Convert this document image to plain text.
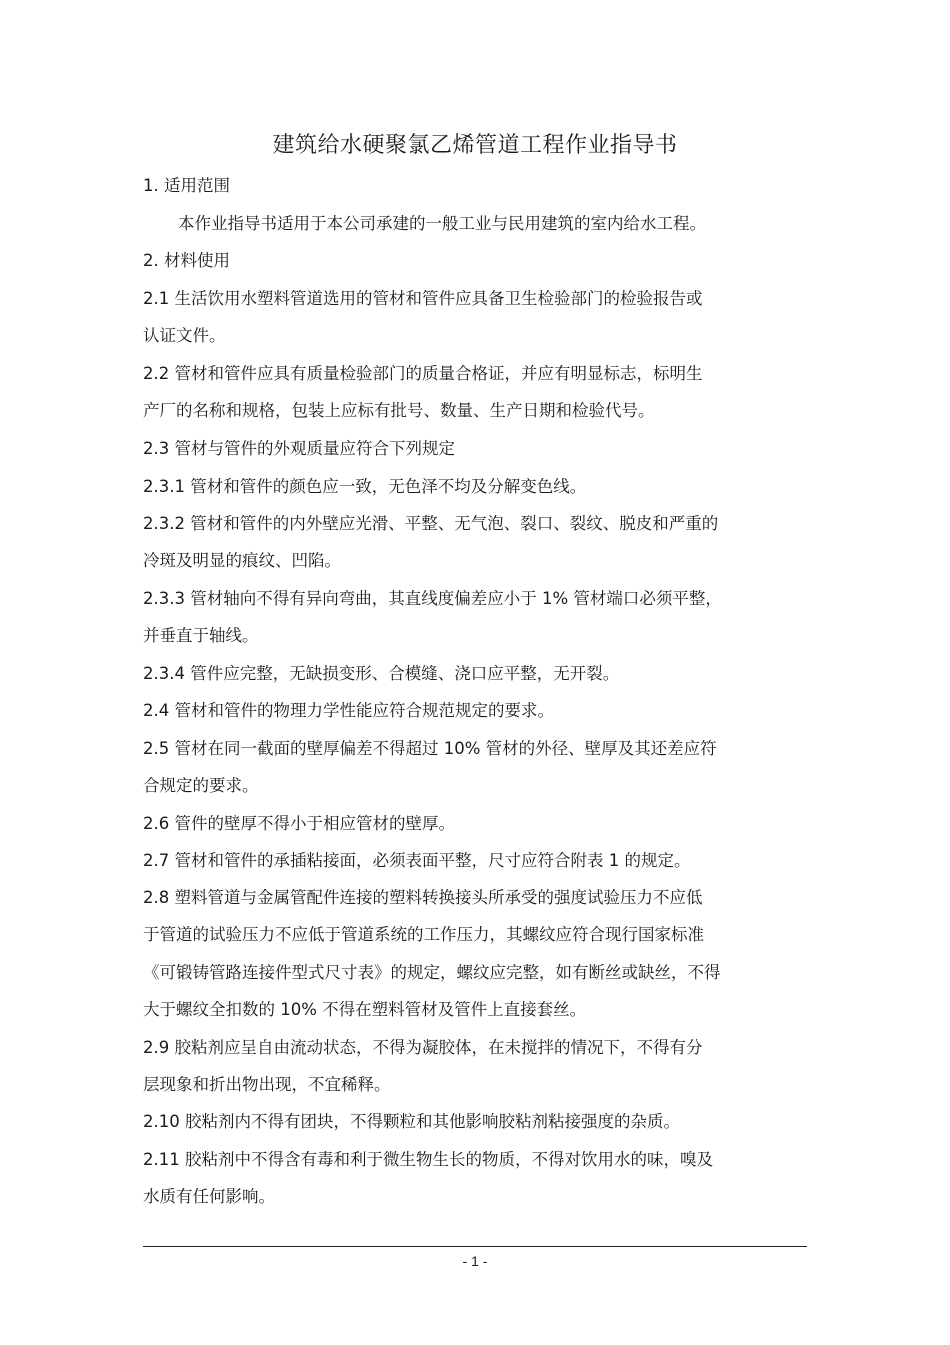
建筑给水硬聚氯乙烯管道工程作业指导书
1. 适用范围
本作业指导书适用于本公司承建的一般工业与民用建筑的室内给水工程。
2. 材料使用
2.1 生活饮用水塑料管道选用的管材和管件应具备卫生检验部门的检验报告或
认证文件。
2.2 管材和管件应具有质量检验部门的质量合格证，并应有明显标志，标明生
产厂的名称和规格，包装上应标有批号、数量、生产日期和检验代号。
2.3 管材与管件的外观质量应符合下列规定
2.3.1 管材和管件的颜色应一致，无色泽不均及分解变色线。
2.3.2 管材和管件的内外壁应光滑、平整、无气泡、裂口、裂纹、脱皮和严重的
冷斑及明显的痕纹、凹陷。
2.3.3 管材轴向不得有异向弯曲，其直线度偏差应小于 1% 管材端口必须平整，
并垂直于轴线。
2.3.4 管件应完整，无缺损变形、合模缝、浇口应平整，无开裂。
2.4 管材和管件的物理力学性能应符合规范规定的要求。
2.5 管材在同一截面的壁厚偏差不得超过 10% 管材的外径、壁厚及其还差应符
合规定的要求。
2.6 管件的壁厚不得小于相应管材的壁厚。
2.7 管材和管件的承插粘接面，必须表面平整，尺寸应符合附表 1 的规定。
2.8 塑料管道与金属管配件连接的塑料转换接头所承受的强度试验压力不应低
于管道的试验压力不应低于管道系统的工作压力，其螺纹应符合现行国家标准
《可锻铸管路连接件型式尺寸表》的规定，螺纹应完整，如有断丝或缺丝，不得
大于螺纹全扣数的 10% 不得在塑料管材及管件上直接套丝。
2.9 胶粘剂应呈自由流动状态，不得为凝胶体，在未搅拌的情况下，不得有分
层现象和折出物出现，不宜稀释。
2.10 胶粘剂内不得有团块，不得颗粒和其他影响胶粘剂粘接强度的杂质。
2.11 胶粘剂中不得含有毒和利于微生物生长的物质，不得对饮用水的味，嗅及
水质有任何影响。
- 1 -
